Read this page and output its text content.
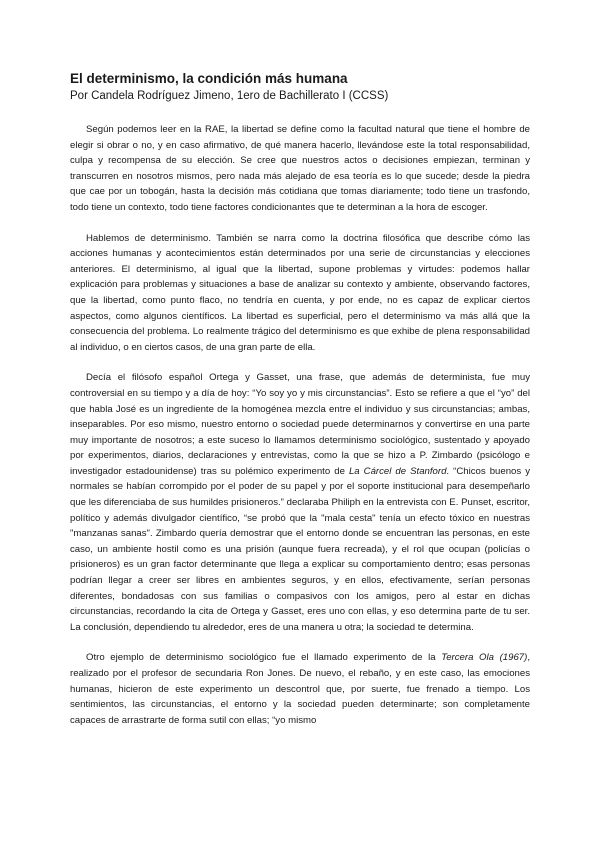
El determinismo, la condición más humana

Por Candela Rodríguez Jimeno, 1ero de Bachillerato I (CCSS)

Según podemos leer en la RAE, la libertad se define como la facultad natural que tiene el hombre de elegir si obrar o no, y en caso afirmativo, de qué manera hacerlo, llevándose este la total responsabilidad, culpa y recompensa de su elección. Se cree que nuestros actos o decisiones empiezan, terminan y transcurren en nosotros mismos, pero nada más alejado de esa teoría es lo que sucede; desde la piedra que cae por un tobogán, hasta la decisión más cotidiana que tomas diariamente; todo tiene un trasfondo, todo tiene un contexto, todo tiene factores condicionantes que te determinan a la hora de escoger.

Hablemos de determinismo. También se narra como la doctrina filosófica que describe cómo las acciones humanas y acontecimientos están determinados por una serie de circunstancias y elecciones anteriores. El determinismo, al igual que la libertad, supone problemas y virtudes: podemos hallar explicación para problemas y situaciones a base de analizar su contexto y ambiente, observando factores, que la libertad, como punto flaco, no tendría en cuenta, y por ende, no es capaz de explicar ciertos aspectos, como algunos científicos. La libertad es superficial, pero el determinismo va más allá que la consecuencia del problema. Lo realmente trágico del determinismo es que exhibe de plena responsabilidad al individuo, o en ciertos casos, de una gran parte de ella.

Decía el filósofo español Ortega y Gasset, una frase, que además de determinista, fue muy controversial en su tiempo y a día de hoy: “Yo soy yo y mis circunstancias”. Esto se refiere a que el “yo” del que habla José es un ingrediente de la homogénea mezcla entre el individuo y sus circunstancias; ambas, inseparables. Por eso mismo, nuestro entorno o sociedad puede determinarnos y convertirse en una parte muy importante de nosotros; a este suceso lo llamamos determinismo sociológico, sustentado y apoyado por experimentos, diarios, declaraciones y entrevistas, como la que se hizo a P. Zimbardo (psicólogo e investigador estadounidense) tras su polémico experimento de La Cárcel de Stanford. “Chicos buenos y normales se habían corrompido por el poder de su papel y por el soporte institucional para desempeñarlo que les diferenciaba de sus humildes prisioneros.” declaraba Philiph en la entrevista con E. Punset, escritor, político y además divulgador científico, “se probó que la "mala cesta" tenía un efecto tóxico en nuestras "manzanas sanas". Zimbardo quería demostrar que el entorno donde se encuentran las personas, en este caso, un ambiente hostil como es una prisión (aunque fuera recreada), y el rol que ocupan (policías o prisioneros) es un gran factor determinante que llega a explicar su comportamiento dentro; esas personas podrían llegar a creer ser libres en ambientes seguros, y en ellos, efectivamente, serían personas diferentes, bondadosas con sus familias o compasivos con los amigos, pero al estar en dichas circunstancias, recordando la cita de Ortega y Gasset, eres uno con ellas, y eso determina parte de tu ser. La conclusión, dependiendo tu alrededor, eres de una manera u otra; la sociedad te determina.

Otro ejemplo de determinismo sociológico fue el llamado experimento de la Tercera Ola (1967), realizado por el profesor de secundaria Ron Jones. De nuevo, el rebaño, y en este caso, las emociones humanas, hicieron de este experimento un descontrol que, por suerte, fue frenado a tiempo. Los sentimientos, las circunstancias, el entorno y la sociedad pueden determinarte; son completamente capaces de arrastrarte de forma sutil con ellas; “yo mismo
